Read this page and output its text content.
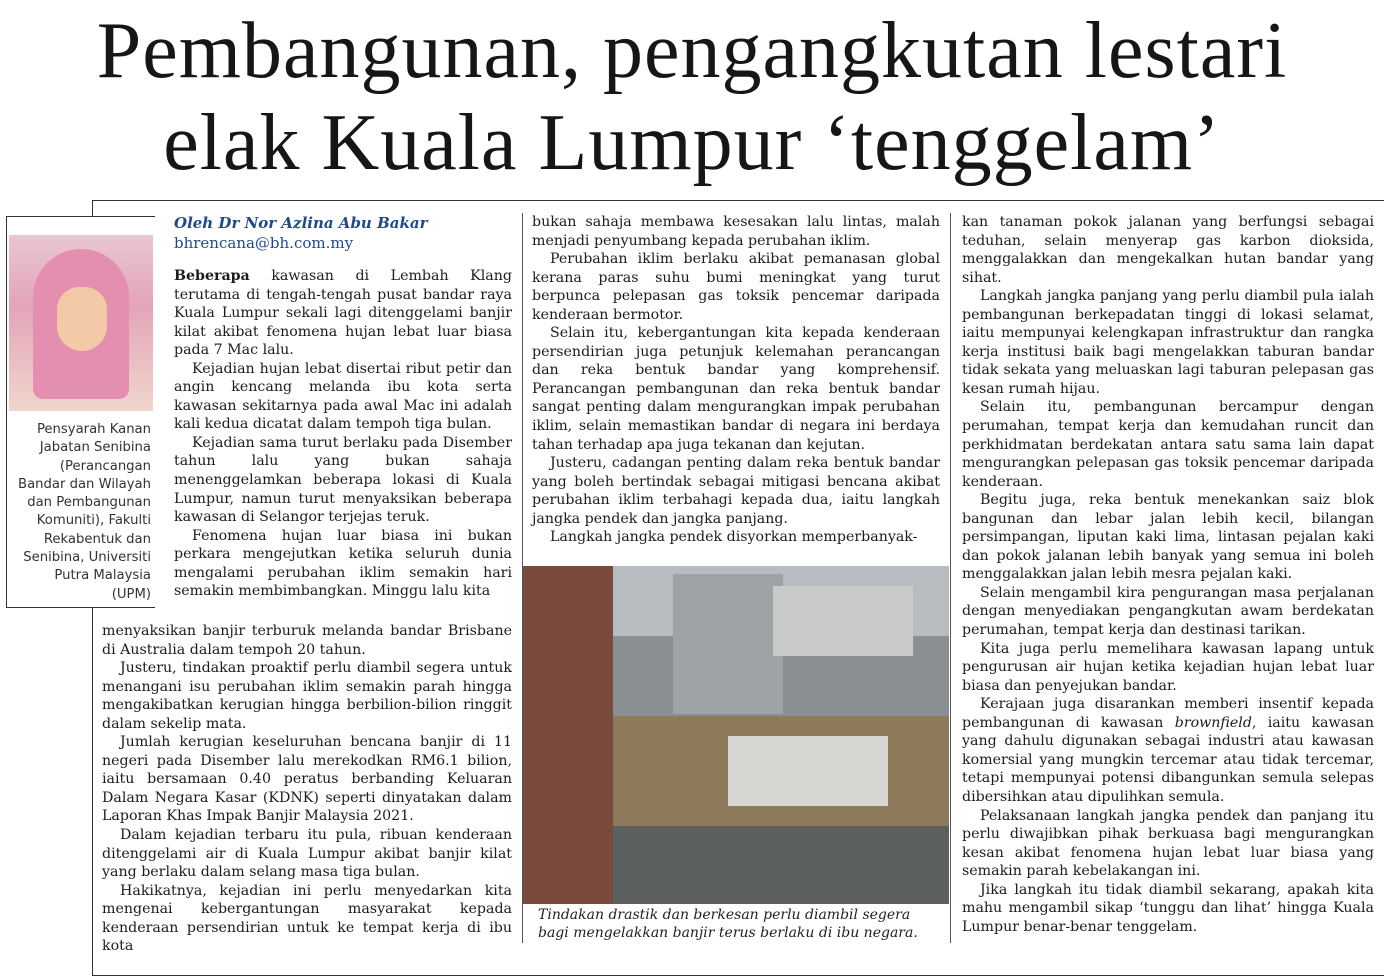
Pembangunan, pengangkutan lestari
elak Kuala Lumpur ‘tenggelam’
Pensyarah Kanan Jabatan Senibina (Perancangan Bandar dan Wilayah dan Pembangunan Komuniti), Fakulti Rekabentuk dan Senibina, Universiti Putra Malaysia (UPM)
Oleh Dr Nor Azlina Abu Bakar
bhrencana@bh.com.my

Beberapa kawasan di Lembah Klang terutama di tengah-tengah pusat bandar raya Kuala Lumpur sekali lagi ditenggelami banjir kilat akibat fenomena hujan lebat luar biasa pada 7 Mac lalu.

Kejadian hujan lebat disertai ribut petir dan angin kencang melanda ibu kota serta kawasan sekitarnya pada awal Mac ini adalah kali kedua dicatat dalam tempoh tiga bulan.

Kejadian sama turut berlaku pada Disember tahun lalu yang bukan sahaja menenggelamkan beberapa lokasi di Kuala Lumpur, namun turut menyaksikan beberapa kawasan di Selangor terjejas teruk.

Fenomena hujan luar biasa ini bukan perkara mengejutkan ketika seluruh dunia mengalami perubahan iklim semakin hari semakin membimbangkan. Minggu lalu kita

menyaksikan banjir terburuk melanda bandar Brisbane di Australia dalam tempoh 20 tahun.

Justeru, tindakan proaktif perlu diambil segera untuk menangani isu perubahan iklim semakin parah hingga mengakibatkan kerugian hingga berbilion-bilion ringgit dalam sekelip mata.

Jumlah kerugian keseluruhan bencana banjir di 11 negeri pada Disember lalu merekodkan RM6.1 bilion, iaitu bersamaan 0.40 peratus berbanding Keluaran Dalam Negara Kasar (KDNK) seperti dinyatakan dalam Laporan Khas Impak Banjir Malaysia 2021.

Dalam kejadian terbaru itu pula, ribuan kenderaan ditenggelami air di Kuala Lumpur akibat banjir kilat yang berlaku dalam selang masa tiga bulan.

Hakikatnya, kejadian ini perlu menyedarkan kita mengenai kebergantungan masyarakat kepada kenderaan persendirian untuk ke tempat kerja di ibu kota

bukan sahaja membawa kesesakan lalu lintas, malah menjadi penyumbang kepada perubahan iklim.

Perubahan iklim berlaku akibat pemanasan global kerana paras suhu bumi meningkat yang turut berpunca pelepasan gas toksik pencemar daripada kenderaan bermotor.

Selain itu, kebergantungan kita kepada kenderaan persendirian juga petunjuk kelemahan perancangan dan reka bentuk bandar yang komprehensif. Perancangan pembangunan dan reka bentuk bandar sangat penting dalam mengurangkan impak perubahan iklim, selain memastikan bandar di negara ini berdaya tahan terhadap apa juga tekanan dan kejutan.

Justeru, cadangan penting dalam reka bentuk bandar yang boleh bertindak sebagai mitigasi bencana akibat perubahan iklim terbahagi kepada dua, iaitu langkah jangka pendek dan jangka panjang.

Langkah jangka pendek disyorkan memperbanyak-

Tindakan drastik dan berkesan perlu diambil segera bagi mengelakkan banjir terus berlaku di ibu negara.

kan tanaman pokok jalanan yang berfungsi sebagai teduhan, selain menyerap gas karbon dioksida, menggalakkan dan mengekalkan hutan bandar yang sihat.

Langkah jangka panjang yang perlu diambil pula ialah pembangunan berkepadatan tinggi di lokasi selamat, iaitu mempunyai kelengkapan infrastruktur dan rangka kerja institusi baik bagi mengelakkan taburan bandar tidak sekata yang meluaskan lagi taburan pelepasan gas kesan rumah hijau.

Selain itu, pembangunan bercampur dengan perumahan, tempat kerja dan kemudahan runcit dan perkhidmatan berdekatan antara satu sama lain dapat mengurangkan pelepasan gas toksik pencemar daripada kenderaan.

Begitu juga, reka bentuk menekankan saiz blok bangunan dan lebar jalan lebih kecil, bilangan persimpangan, liputan kaki lima, lintasan pejalan kaki dan pokok jalanan lebih banyak yang semua ini boleh menggalakkan jalan lebih mesra pejalan kaki.

Selain mengambil kira pengurangan masa perjalanan dengan menyediakan pengangkutan awam berdekatan perumahan, tempat kerja dan destinasi tarikan.

Kita juga perlu memelihara kawasan lapang untuk pengurusan air hujan ketika kejadian hujan lebat luar biasa dan penyejukan bandar.

Kerajaan juga disarankan memberi insentif kepada pembangunan di kawasan brownfield, iaitu kawasan yang dahulu digunakan sebagai industri atau kawasan komersial yang mungkin tercemar atau tidak tercemar, tetapi mempunyai potensi dibangunkan semula selepas dibersihkan atau dipulihkan semula.

Pelaksanaan langkah jangka pendek dan panjang itu perlu diwajibkan pihak berkuasa bagi mengurangkan kesan akibat fenomena hujan lebat luar biasa yang semakin parah kebelakangan ini.

Jika langkah itu tidak diambil sekarang, apakah kita mahu mengambil sikap ‘tunggu dan lihat’ hingga Kuala Lumpur benar-benar tenggelam.
